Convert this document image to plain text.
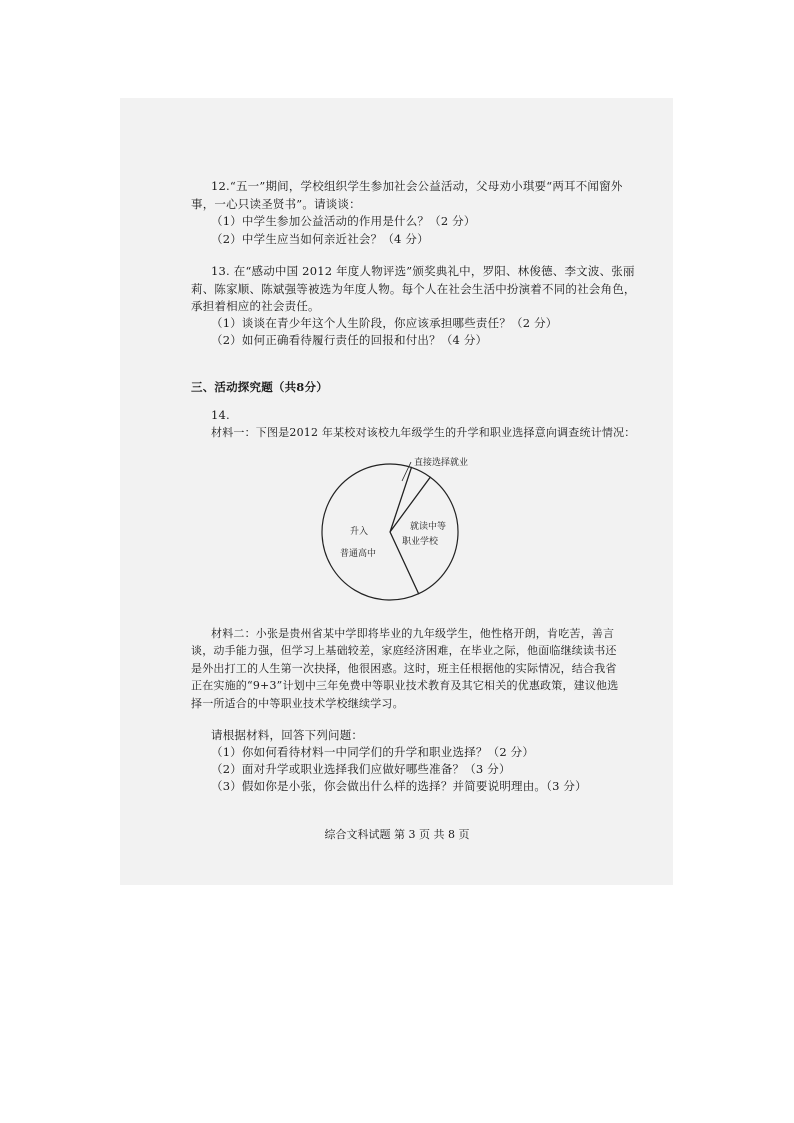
12.“五一”期间，学校组织学生参加社会公益活动，父母劝小琪要“两耳不闻窗外
事，一心只读圣贤书”。请谈谈：
（1）中学生参加公益活动的作用是什么？（2 分）
（2）中学生应当如何亲近社会？（4 分）
13. 在“感动中国 2012 年度人物评选”颁奖典礼中，罗阳、林俊德、李文波、张丽
莉、陈家顺、陈斌强等被选为年度人物。每个人在社会生活中扮演着不同的社会角色，
承担着相应的社会责任。
（1）谈谈在青少年这个人生阶段，你应该承担哪些责任？（2 分）
（2）如何正确看待履行责任的回报和付出？（4 分）
三、活动探究题（共8分）
14.
材料一：下图是2012 年某校对该校九年级学生的升学和职业选择意向调查统计情况：
直接选择就业
就读中等
职业学校
升入
普通高中
材料二：小张是贵州省某中学即将毕业的九年级学生，他性格开朗，肯吃苦，善言
谈，动手能力强，但学习上基础较差，家庭经济困难，在毕业之际，他面临继续读书还
是外出打工的人生第一次抉择，他很困惑。这时，班主任根据他的实际情况，结合我省
正在实施的“9+3”计划中三年免费中等职业技术教育及其它相关的优惠政策，建议他选
择一所适合的中等职业技术学校继续学习。
请根据材料，回答下列问题：
（1）你如何看待材料一中同学们的升学和职业选择？（2 分）
（2）面对升学或职业选择我们应做好哪些准备？（3 分）
（3）假如你是小张，你会做出什么样的选择？并简要说明理由。（3 分）
综合文科试题 第 3 页 共 8 页
